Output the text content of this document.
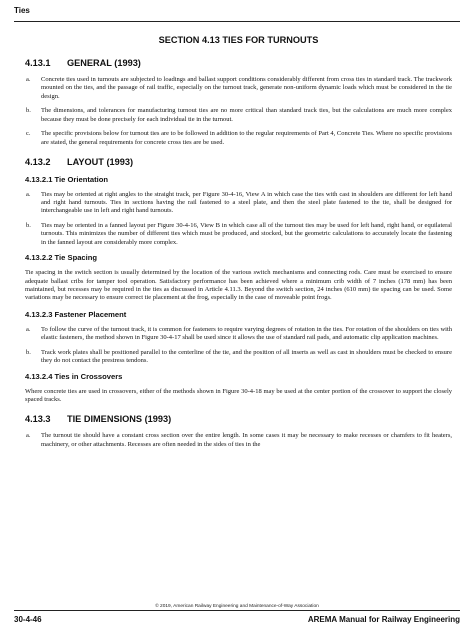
Ties
SECTION 4.13 TIES FOR TURNOUTS
4.13.1 GENERAL (1993)
a.	Concrete ties used in turnouts are subjected to loadings and ballast support conditions considerably different from cross ties in standard track. The trackwork mounted on the ties, and the passage of rail traffic, especially on the turnout track, generate non-uniform dynamic loads which must be considered in the tie design.
b.	The dimensions, and tolerances for manufacturing turnout ties are no more critical than standard track ties, but the calculations are much more complex because they must be done precisely for each individual tie in the turnout.
c.	The specific provisions below for turnout ties are to be followed in addition to the regular requirements of Part 4, Concrete Ties. Where no specific provisions are stated, the general requirements for concrete cross ties are be used.
4.13.2 LAYOUT (1993)
4.13.2.1 Tie Orientation
a.	Ties may be oriented at right angles to the straight track, per Figure 30-4-16, View A in which case the ties with cast in shoulders are different for left hand and right hand turnouts. Ties in sections having the rail fastened to a steel plate, and then the steel plate fastened to the tie, shall be designed for interchangeable use in left and right hand turnouts.
b.	Ties may be oriented in a fanned layout per Figure 30-4-16, View B in which case all of the turnout ties may be used for left hand, right hand, or equilateral turnouts. This minimizes the number of different ties which must be produced, and stocked, but the geometric calculations to accurately locate the fastening in the fanned layout are considerably more complex.
4.13.2.2 Tie Spacing
Tie spacing in the switch section is usually determined by the location of the various switch mechanisms and connecting rods. Care must be exercised to ensure adequate ballast cribs for tamper tool operation. Satisfactory performance has been achieved where a minimum crib width of 7 inches (178 mm) has been maintained, but recesses may be required in the ties as discussed in Article 4.11.3. Beyond the switch section, 24 inches (610 mm) tie spacing can be used. Some variations may be necessary to ensure correct tie placement at the frog, especially in the case of moveable point frogs.
4.13.2.3 Fastener Placement
a.	To follow the curve of the turnout track, it is common for fasteners to require varying degrees of rotation in the ties. For rotation of the shoulders on ties with elastic fasteners, the method shown in Figure 30-4-17 shall be used since it allows the use of standard rail pads, and automatic clip application machines.
b.	Track work plates shall be positioned parallel to the centerline of the tie, and the position of all inserts as well as cast in shoulders must be checked to ensure they do not contact the prestress tendons.
4.13.2.4 Ties in Crossovers
Where concrete ties are used in crossovers, either of the methods shown in Figure 30-4-18 may be used at the center portion of the crossover to support the closely spaced tracks.
4.13.3 TIE DIMENSIONS (1993)
a.	The turnout tie should have a constant cross section over the entire length. In some cases it may be necessary to make recesses or chamfers to fit heaters, machinery, or other attachments. Recesses are often needed in the sides of ties in the
© 2019, American Railway Engineering and Maintenance-of-Way Association
30-4-46	AREMA Manual for Railway Engineering
